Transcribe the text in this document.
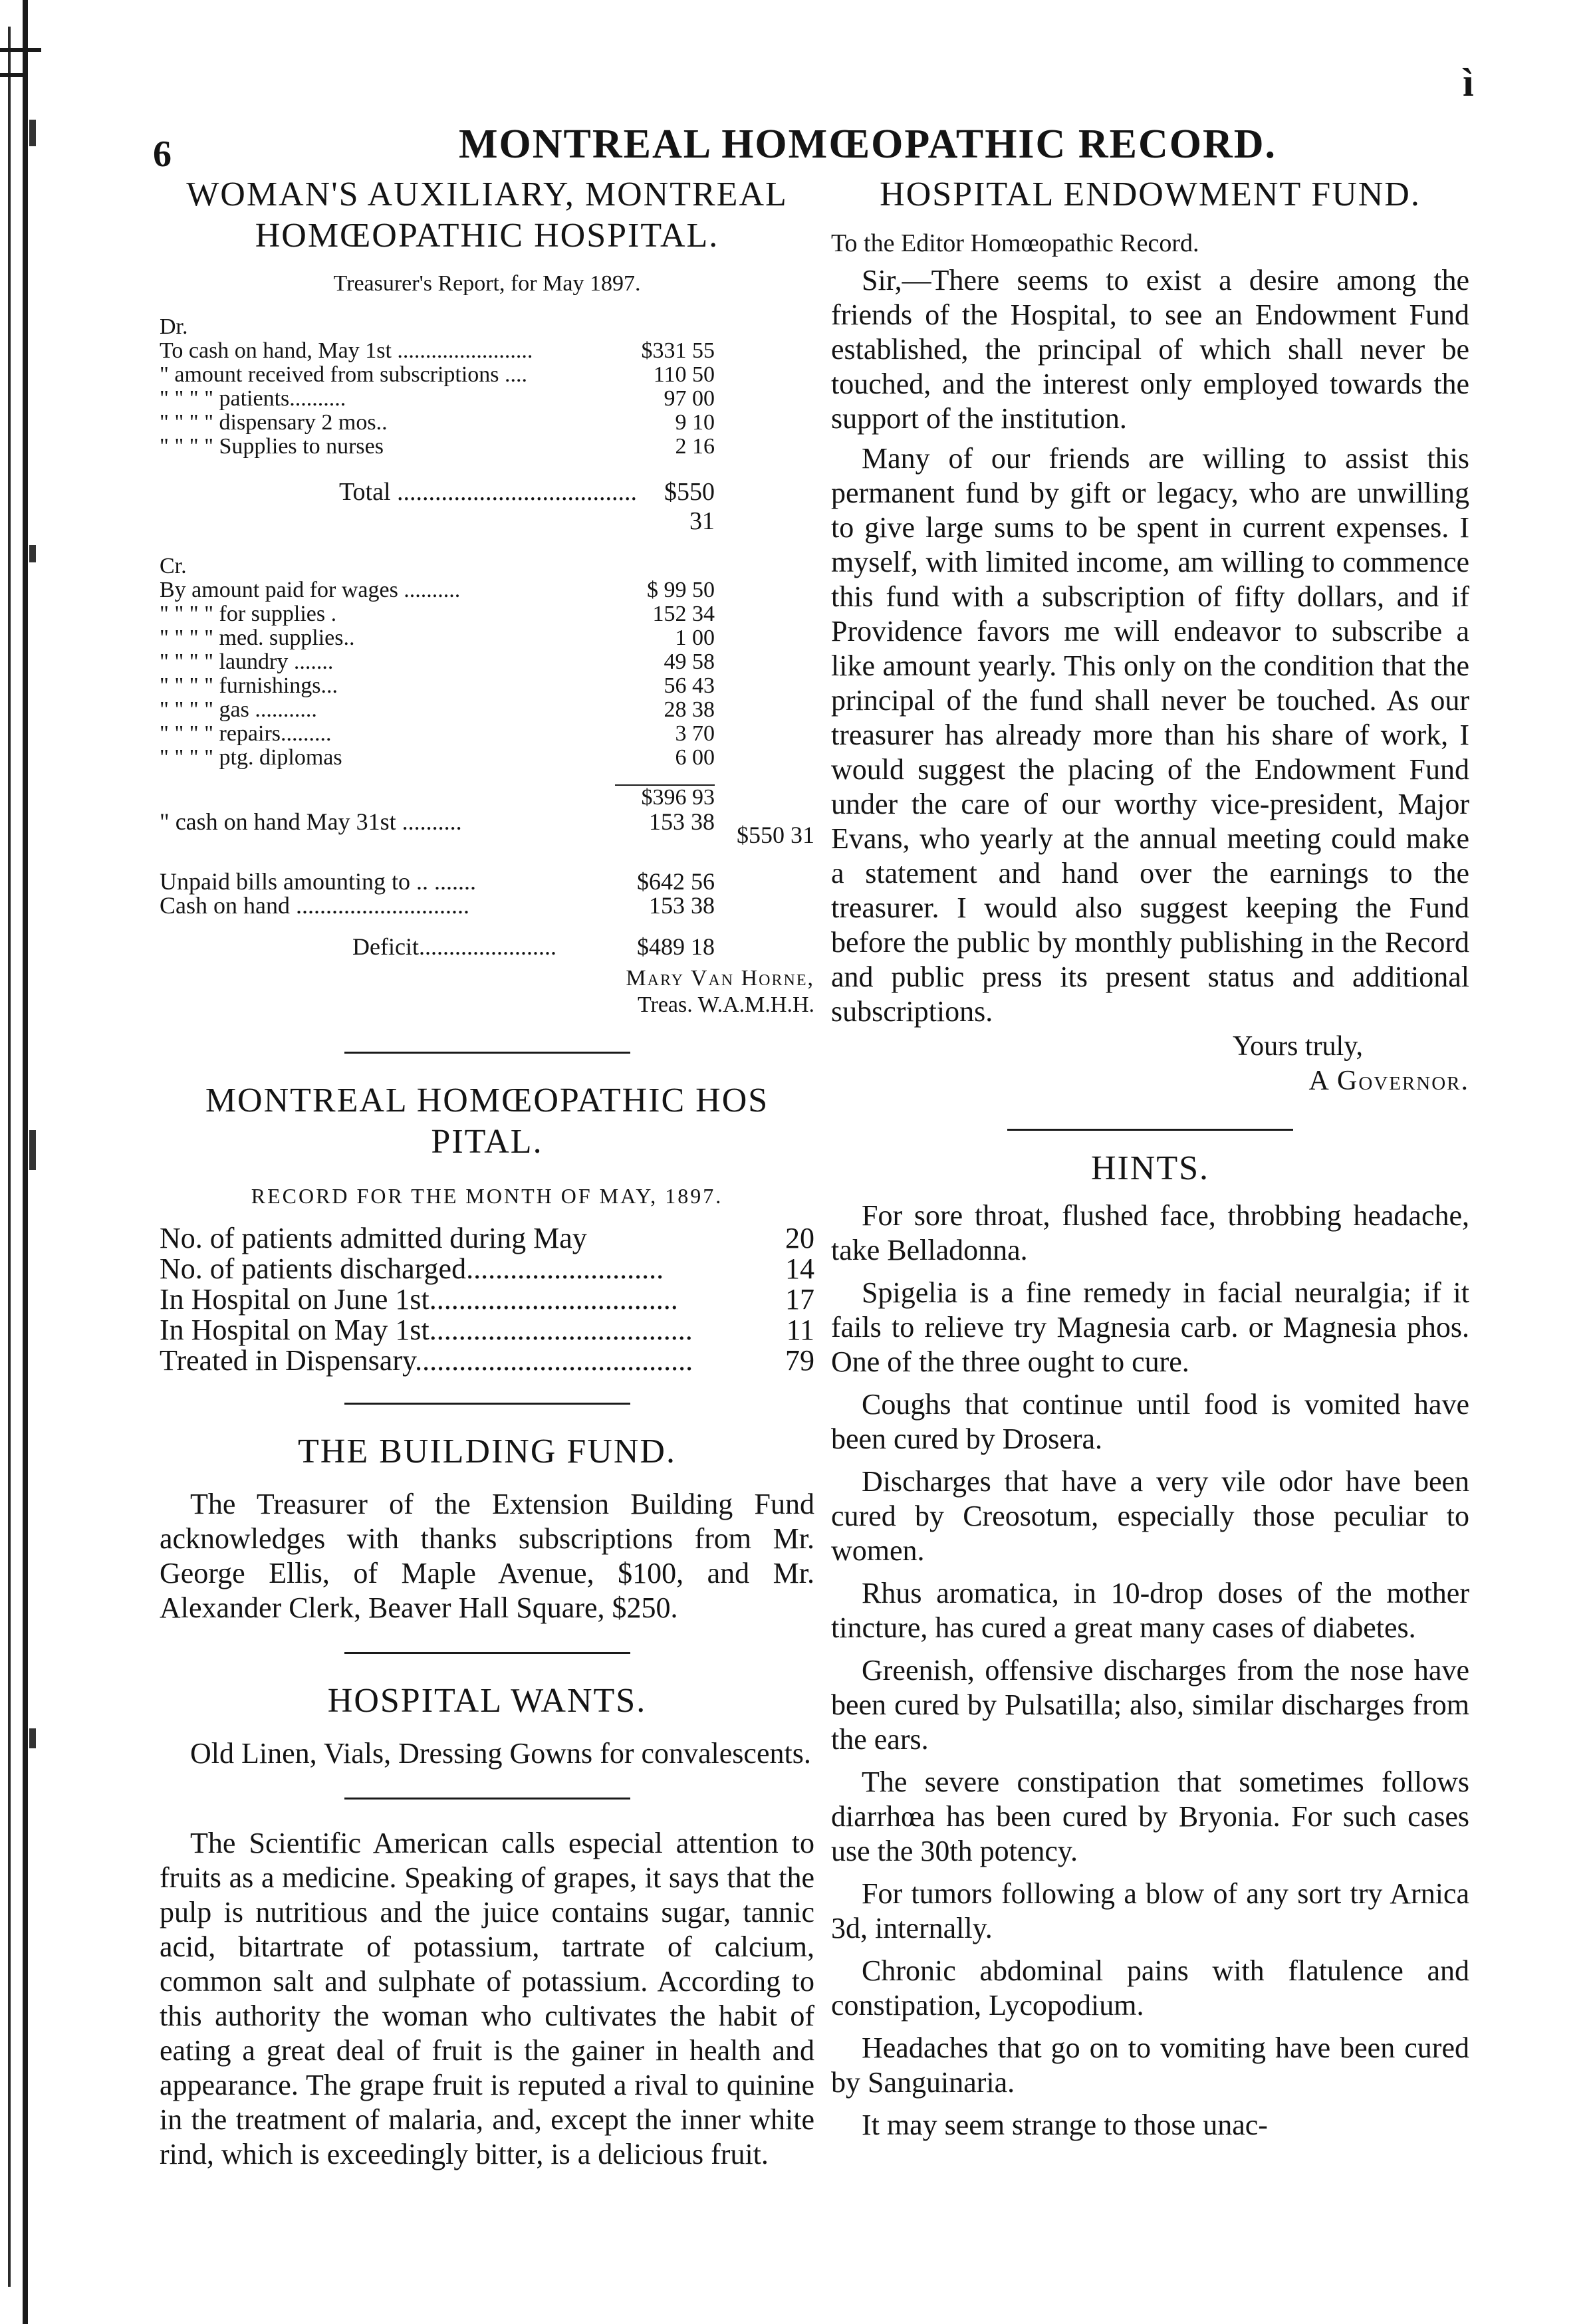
ì
6	MONTREAL HOMŒOPATHIC RECORD.
WOMAN'S AUXILIARY, MONTREAL
HOMŒOPATHIC HOSPITAL.
Treasurer's Report, for May 1897.
Dr.
To cash on hand, May 1st ........................	$331 55
" amount received from subscriptions ....	110 50
" " " " patients..........	97 00
" " " " dispensary 2 mos..	9 10
" " " " Supplies to nurses	2 16
Total ......................................	$550 31
Cr.
By amount paid for wages ..........	$ 99 50
" " " " for supplies .	152 34
" " " " med. supplies..	1 00
" " " " laundry .......	49 58
" " " " furnishings...	56 43
" " " " gas ...........	28 38
" " " " repairs.........	3 70
" " " " ptg. diplomas	6 00
$396 93
" cash on hand May 31st ..........	153 38 $550 31
Unpaid bills amounting to .. .......	$642 56
Cash on hand .............................	153 38
Deficit.......................	$489 18
Mary Van Horne,
Treas. W.A.M.H.H.
MONTREAL HOMŒOPATHIC HOS
PITAL.
RECORD FOR THE MONTH OF MAY, 1897.
No. of patients admitted during May	20
No. of patients discharged...........................	14
In Hospital on June 1st..................................	17
In Hospital on May 1st....................................	11
Treated in Dispensary......................................	79
THE BUILDING FUND.

The Treasurer of the Extension Building Fund acknowledges with thanks subscriptions from Mr. George Ellis, of Maple Avenue, $100, and Mr. Alexander Clerk, Beaver Hall Square, $250.

HOSPITAL WANTS.

Old Linen, Vials, Dressing Gowns for convalescents.

The Scientific American calls especial attention to fruits as a medicine. Speaking of grapes, it says that the pulp is nutritious and the juice contains sugar, tannic acid, bitartrate of potassium, tartrate of calcium, common salt and sulphate of potassium. According to this authority the woman who cultivates the habit of eating a great deal of fruit is the gainer in health and appearance. The grape fruit is reputed a rival to quinine in the treatment of malaria, and, except the inner white rind, which is exceedingly bitter, is a delicious fruit.

HOSPITAL ENDOWMENT FUND.
To the Editor Homœopathic Record.

Sir,—There seems to exist a desire among the friends of the Hospital, to see an Endowment Fund established, the principal of which shall never be touched, and the interest only employed towards the support of the institution.

Many of our friends are willing to assist this permanent fund by gift or legacy, who are unwilling to give large sums to be spent in current expenses. I myself, with limited income, am willing to commence this fund with a subscription of fifty dollars, and if Providence favors me will endeavor to subscribe a like amount yearly. This only on the condition that the principal of the fund shall never be touched. As our treasurer has already more than his share of work, I would suggest the placing of the Endowment Fund under the care of our worthy vice-president, Major Evans, who yearly at the annual meeting could make a statement and hand over the earnings to the treasurer. I would also suggest keeping the Fund before the public by monthly publishing in the Record and public press its present status and additional subscriptions.

Yours truly,
A Governor.
HINTS.

For sore throat, flushed face, throbbing headache, take Belladonna.

Spigelia is a fine remedy in facial neuralgia; if it fails to relieve try Magnesia carb. or Magnesia phos. One of the three ought to cure.

Coughs that continue until food is vomited have been cured by Drosera.

Discharges that have a very vile odor have been cured by Creosotum, especially those peculiar to women.

Rhus aromatica, in 10-drop doses of the mother tincture, has cured a great many cases of diabetes.

Greenish, offensive discharges from the nose have been cured by Pulsatilla; also, similar discharges from the ears.

The severe constipation that sometimes follows diarrhœa has been cured by Bryonia. For such cases use the 30th potency.

For tumors following a blow of any sort try Arnica 3d, internally.

Chronic abdominal pains with flatulence and constipation, Lycopodium.

Headaches that go on to vomiting have been cured by Sanguinaria.

It may seem strange to those unac-
